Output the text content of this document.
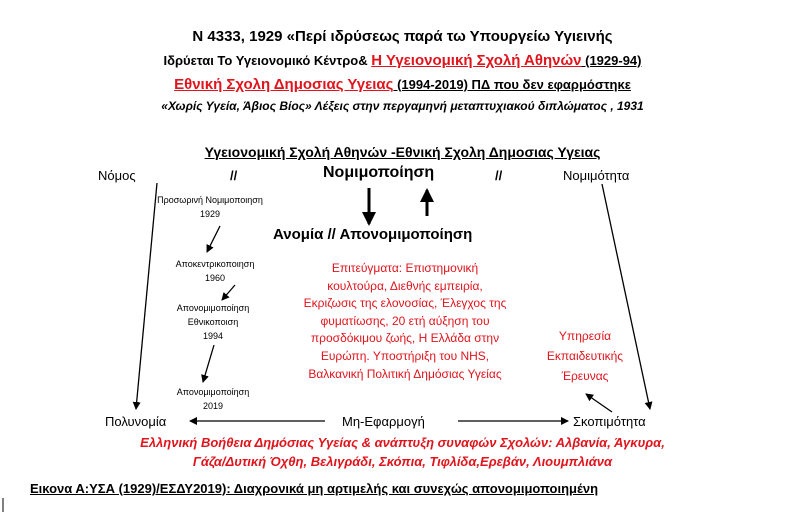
Ν 4333, 1929 «Περί ιδρύσεως παρά τω Υπουργείω Υγιεινής
Ιδρύεται Το Υγειονομικό Κέντρο& Η Υγειονομική Σχολή Αθηνών (1929-94)
Εθνική Σχολη Δημοσιας Υγειας (1994-2019) ΠΔ που δεν εφαρμόστηκε
«Χωρίς Υγεία, Άβιος Βίος» Λέξεις στην περγαμηνή μεταπτυχιακού διπλώματος , 1931
Υγειονομική Σχολή Αθηνών -Εθνική Σχολη Δημοσιας Υγειας
Νόμος	//	Νομιμοποίηση	//	Νομιμότητα
Ανομία // Απονομιμοποίηση
Προσωρινή Νομιμοποιηση
1929
Αποκεντρικοποιηση
1960
Απονομιμοποίηση
Εθνικοποιση
1994
Απονομιμοποίηση
2019
Επιτεύγματα: Επιστημονική
κουλτούρα, Διεθνής εμπειρία,
Εκριζωσις της ελονοσίας, Έλεγχος της
φυματίωσης, 20 ετή αύξηση του
προσδόκιμου ζωής, Η Ελλάδα στην
Ευρώπη. Υποστήριξη του NHS,
Βαλκανική Πολιτική Δημόσιας Υγείας
Υπηρεσία
Εκπαιδευτικής
Έρευνας
Πολυνομία	Μη-Εφαρμογή	Σκοπιμότητα
Ελληνική Βοήθεια Δημόσιας Υγείας & ανάπτυξη συναφών Σχολών: Αλβανία, Άγκυρα,
Γάζα/Δυτική Όχθη, Βελιγράδι, Σκόπια, Τιφλίδα,Ερεβάν, Λιουμπλιάνα
Εικονα Α:ΥΣΑ (1929)/ΕΣΔΥ2019): Διαχρονικά μη αρτιμελής και συνεχώς απονομιμοποιημένη
